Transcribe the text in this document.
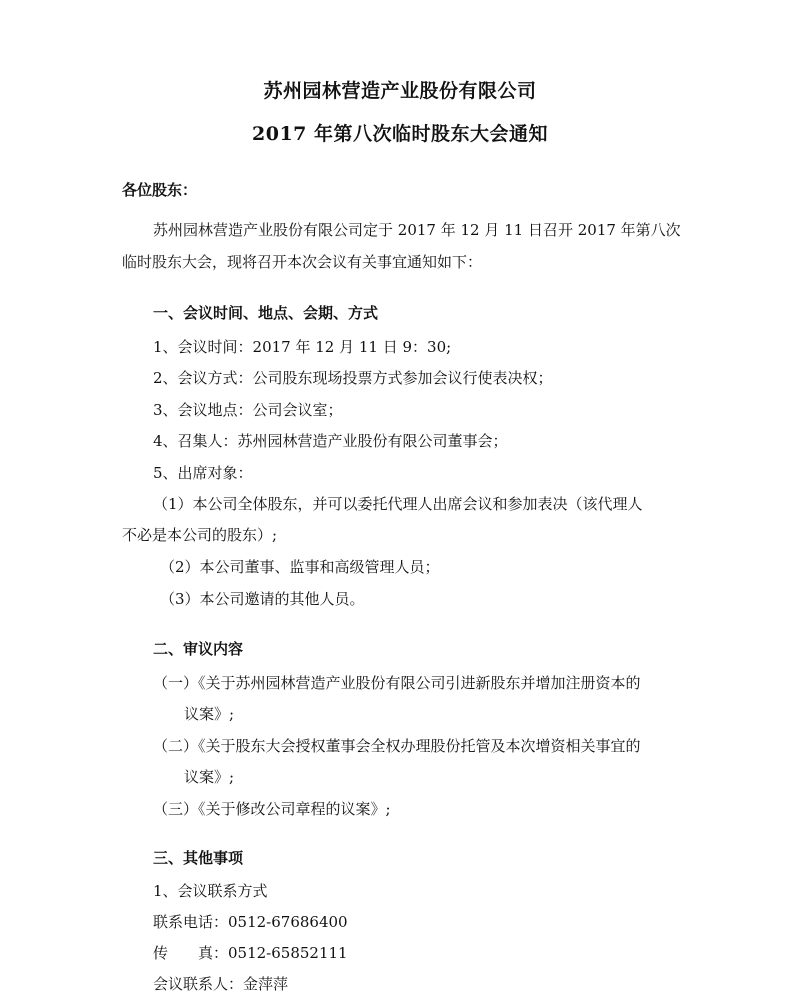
苏州园林营造产业股份有限公司
2017 年第八次临时股东大会通知
各位股东：
苏州园林营造产业股份有限公司定于 2017 年 12 月 11 日召开 2017 年第八次
临时股东大会，现将召开本次会议有关事宜通知如下：
一、会议时间、地点、会期、方式
1、会议时间：2017 年 12 月 11 日 9：30;
2、会议方式：公司股东现场投票方式参加会议行使表决权；
3、会议地点：公司会议室；
4、召集人：苏州园林营造产业股份有限公司董事会；
5、出席对象：
（1）本公司全体股东，并可以委托代理人出席会议和参加表决（该代理人
不必是本公司的股东）;
（2）本公司董事、监事和高级管理人员；
（3）本公司邀请的其他人员。
二、审议内容
（一）《关于苏州园林营造产业股份有限公司引进新股东并增加注册资本的
议案》;
（二）《关于股东大会授权董事会全权办理股份托管及本次增资相关事宜的
议案》;
（三）《关于修改公司章程的议案》;
三、其他事项
1、会议联系方式
联系电话：0512-67686400
传　　真：0512-65852111
会议联系人：金萍萍
